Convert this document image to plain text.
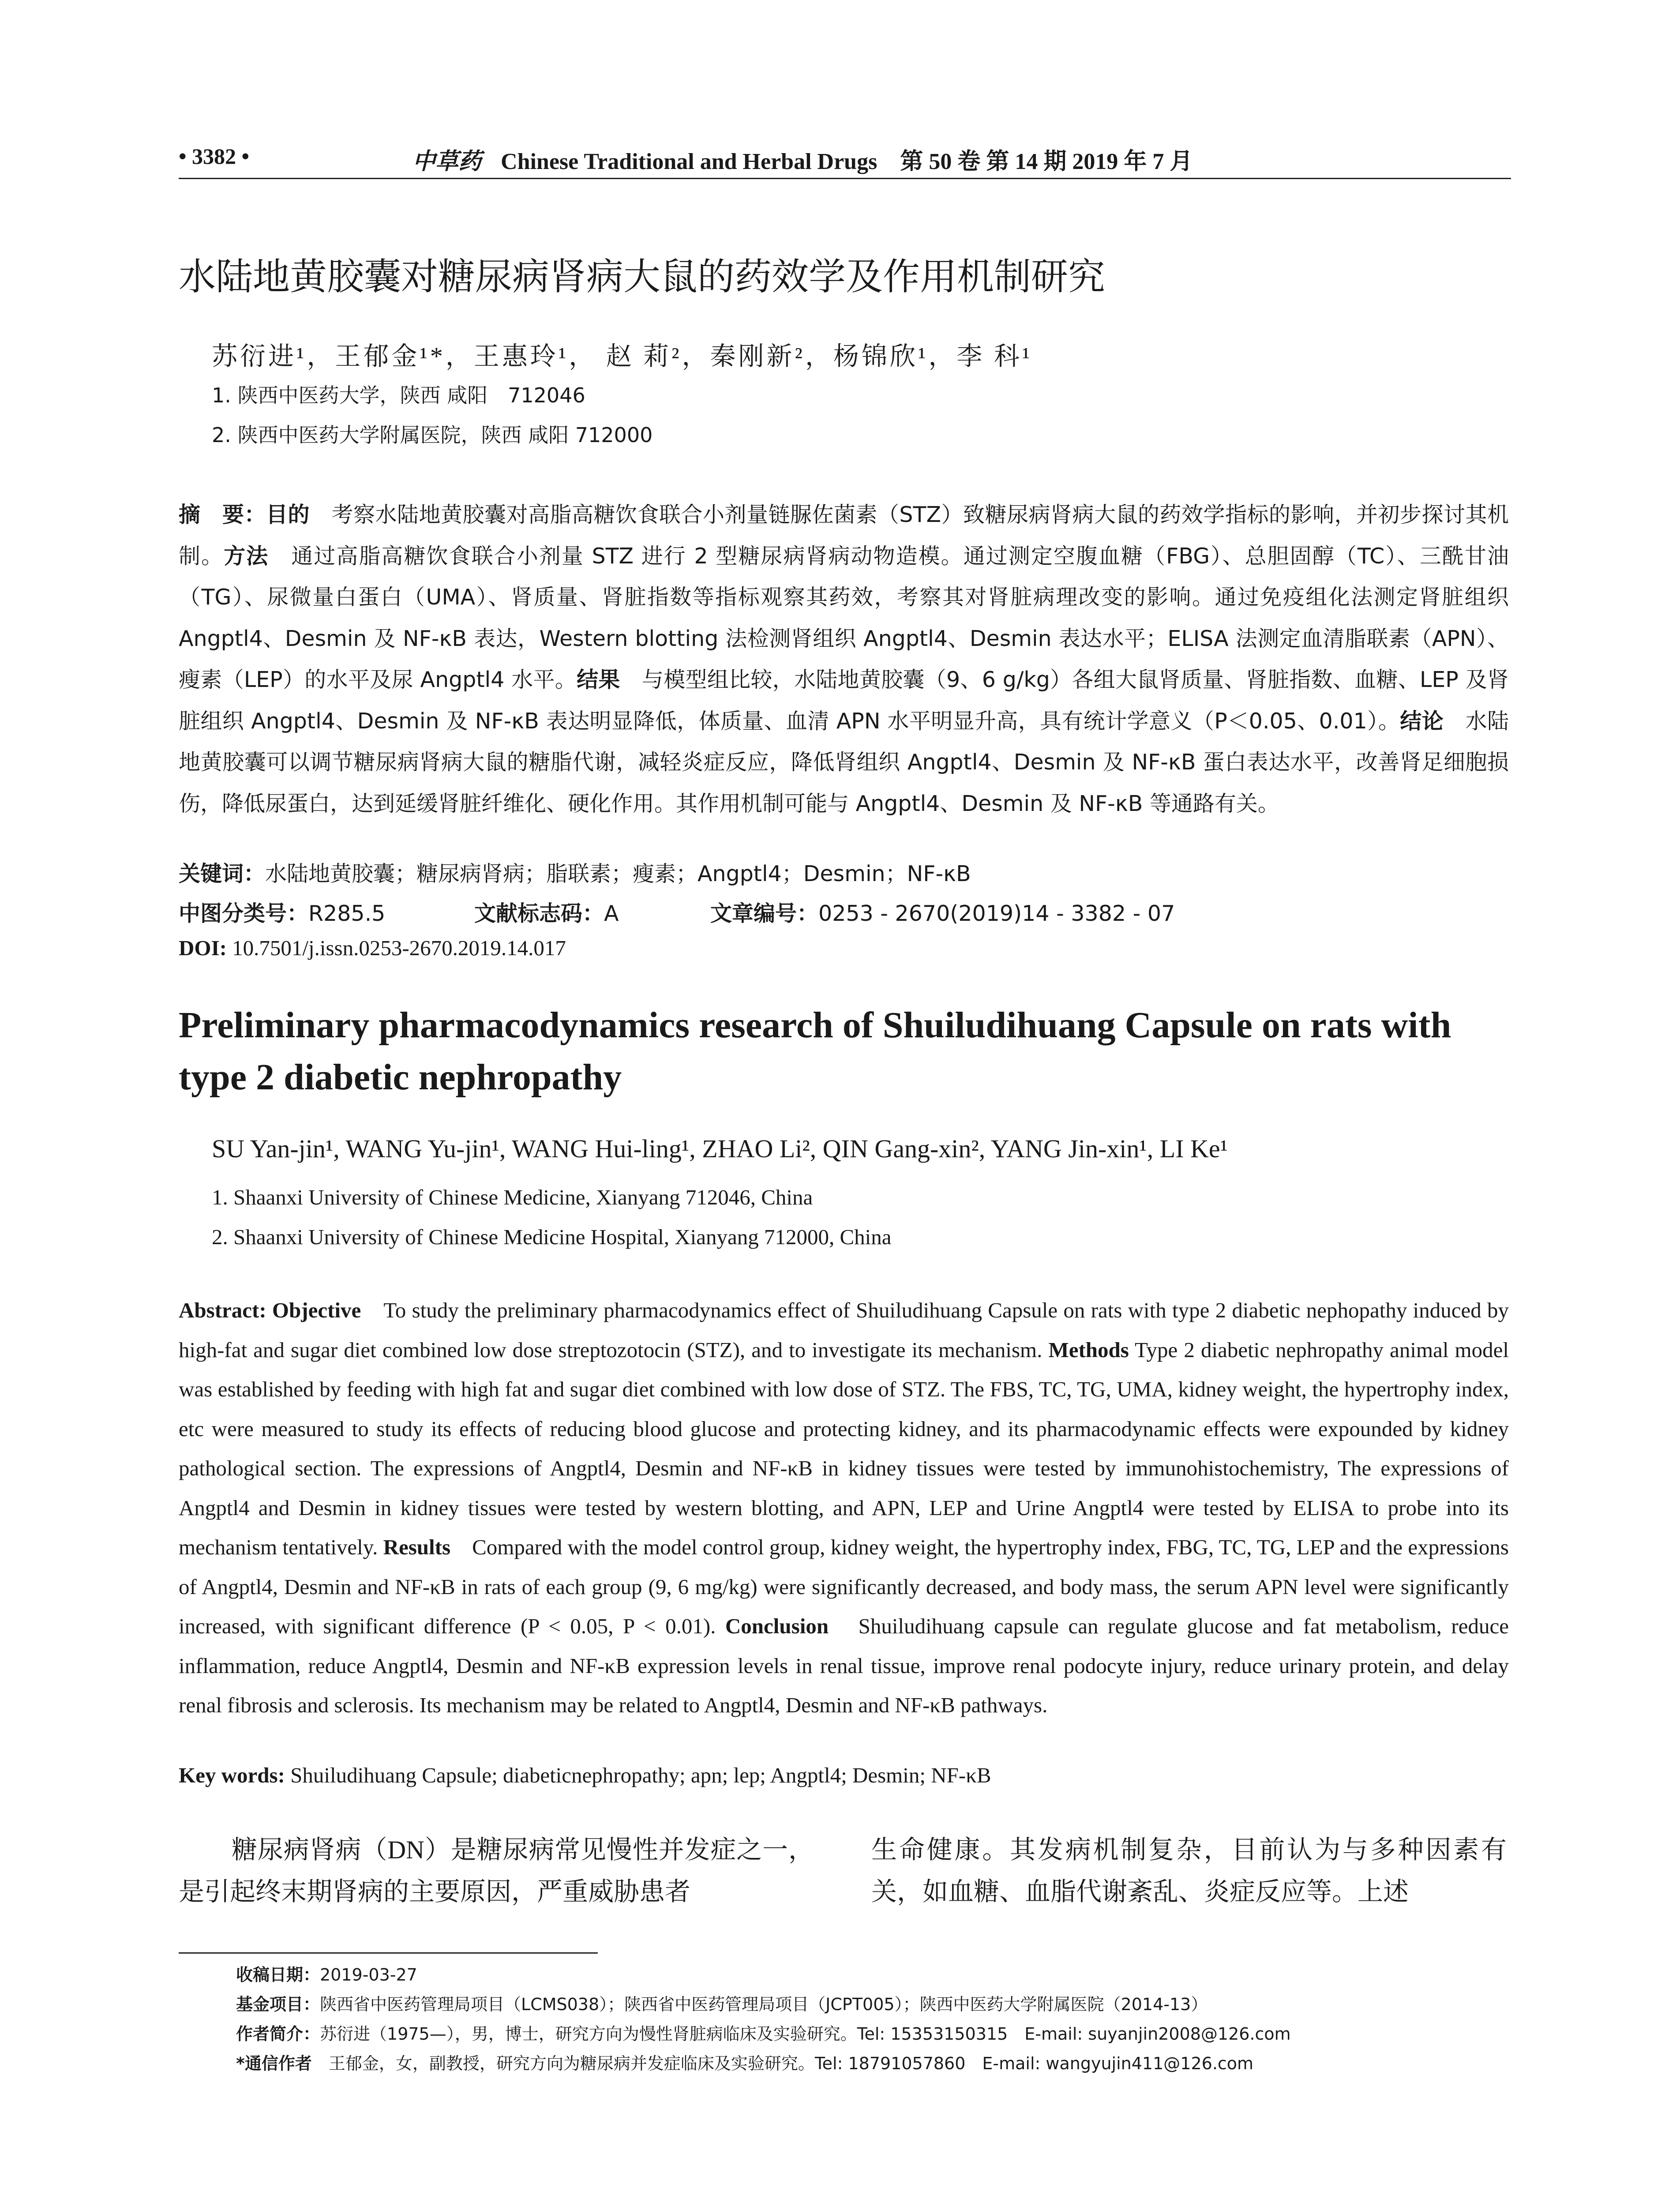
• 3382 •	中草药 Chinese Traditional and Herbal Drugs　第 50 卷 第 14 期 2019 年 7 月
水陆地黄胶囊对糖尿病肾病大鼠的药效学及作用机制研究
苏衍进¹，王郁金¹*，王惠玲¹， 赵 莉²，秦刚新²，杨锦欣¹，李 科¹
1. 陕西中医药大学，陕西 咸阳　712046
2. 陕西中医药大学附属医院，陕西 咸阳 712000
摘　要：目的　考察水陆地黄胶囊对高脂高糖饮食联合小剂量链脲佐菌素（STZ）致糖尿病肾病大鼠的药效学指标的影响，并初步探讨其机制。方法　通过高脂高糖饮食联合小剂量 STZ 进行 2 型糖尿病肾病动物造模。通过测定空腹血糖（FBG）、总胆固醇（TC）、三酰甘油（TG）、尿微量白蛋白（UMA）、肾质量、肾脏指数等指标观察其药效，考察其对肾脏病理改变的影响。通过免疫组化法测定肾脏组织 Angptl4、Desmin 及 NF-κB 表达，Western blotting 法检测肾组织 Angptl4、Desmin 表达水平；ELISA 法测定血清脂联素（APN）、瘦素（LEP）的水平及尿 Angptl4 水平。结果　与模型组比较，水陆地黄胶囊（9、6 g/kg）各组大鼠肾质量、肾脏指数、血糖、LEP 及肾脏组织 Angptl4、Desmin 及 NF-κB 表达明显降低，体质量、血清 APN 水平明显升高，具有统计学意义（P＜0.05、0.01）。结论　水陆地黄胶囊可以调节糖尿病肾病大鼠的糖脂代谢，减轻炎症反应，降低肾组织 Angptl4、Desmin 及 NF-κB 蛋白表达水平，改善肾足细胞损伤，降低尿蛋白，达到延缓肾脏纤维化、硬化作用。其作用机制可能与 Angptl4、Desmin 及 NF-κB 等通路有关。
关键词：水陆地黄胶囊；糖尿病肾病；脂联素；瘦素；Angptl4；Desmin；NF-κB
中图分类号：R285.5	文献标志码：A	文章编号：0253 - 2670(2019)14 - 3382 - 07
DOI: 10.7501/j.issn.0253-2670.2019.14.017
Preliminary pharmacodynamics research of Shuiludihuang Capsule on rats with type 2 diabetic nephropathy
SU Yan-jin¹, WANG Yu-jin¹, WANG Hui-ling¹, ZHAO Li², QIN Gang-xin², YANG Jin-xin¹, LI Ke¹
1. Shaanxi University of Chinese Medicine, Xianyang 712046, China
2. Shaanxi University of Chinese Medicine Hospital, Xianyang 712000, China
Abstract: Objective　To study the preliminary pharmacodynamics effect of Shuiludihuang Capsule on rats with type 2 diabetic nephopathy induced by high-fat and sugar diet combined low dose streptozotocin (STZ), and to investigate its mechanism. Methods Type 2 diabetic nephropathy animal model was established by feeding with high fat and sugar diet combined with low dose of STZ. The FBS, TC, TG, UMA, kidney weight, the hypertrophy index, etc were measured to study its effects of reducing blood glucose and protecting kidney, and its pharmacodynamic effects were expounded by kidney pathological section. The expressions of Angptl4, Desmin and NF-κB in kidney tissues were tested by immunohistochemistry, The expressions of Angptl4 and Desmin in kidney tissues were tested by western blotting, and APN, LEP and Urine Angptl4 were tested by ELISA to probe into its mechanism tentatively. Results　Compared with the model control group, kidney weight, the hypertrophy index, FBG, TC, TG, LEP and the expressions of Angptl4, Desmin and NF-κB in rats of each group (9, 6 mg/kg) were significantly decreased, and body mass, the serum APN level were significantly increased, with significant difference (P < 0.05, P < 0.01). Conclusion　Shuiludihuang capsule can regulate glucose and fat metabolism, reduce inflammation, reduce Angptl4, Desmin and NF-κB expression levels in renal tissue, improve renal podocyte injury, reduce urinary protein, and delay renal fibrosis and sclerosis. Its mechanism may be related to Angptl4, Desmin and NF-κB pathways.
Key words: Shuiludihuang Capsule; diabeticnephropathy; apn; lep; Angptl4; Desmin; NF-κB
糖尿病肾病（DN）是糖尿病常见慢性并发症之一，是引起终末期肾病的主要原因，严重威胁患者
生命健康。其发病机制复杂，目前认为与多种因素有关，如血糖、血脂代谢紊乱、炎症反应等。上述
收稿日期：2019-03-27
基金项目：陕西省中医药管理局项目（LCMS038）；陕西省中医药管理局项目（JCPT005）；陕西中医药大学附属医院（2014-13）
作者简介：苏衍进（1975—），男，博士，研究方向为慢性肾脏病临床及实验研究。Tel: 15353150315　E-mail: suyanjin2008@126.com
*通信作者　王郁金，女，副教授，研究方向为糖尿病并发症临床及实验研究。Tel: 18791057860　E-mail: wangyujin411@126.com
